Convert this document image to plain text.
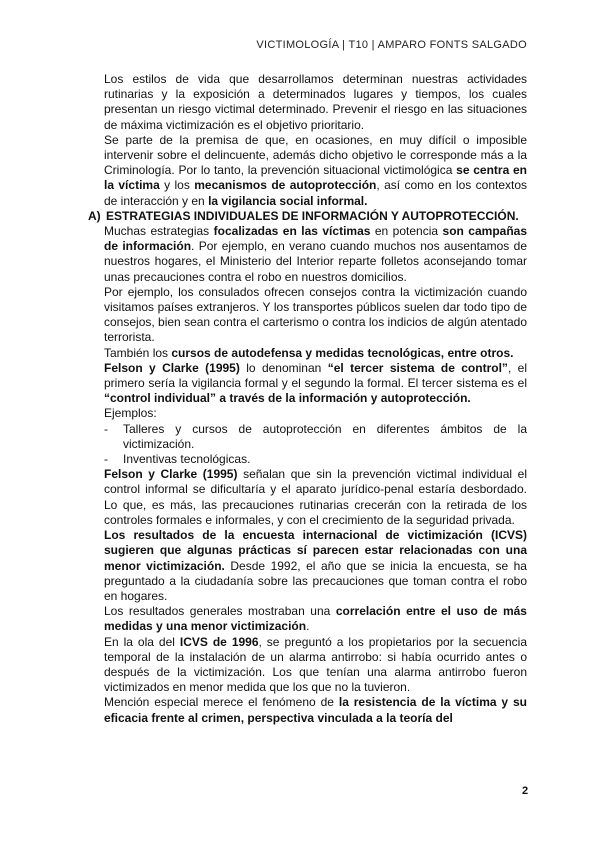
VICTIMOLOGÍA | T10 | AMPARO FONTS SALGADO
Los estilos de vida que desarrollamos determinan nuestras actividades rutinarias y la exposición a determinados lugares y tiempos, los cuales presentan un riesgo victimal determinado. Prevenir el riesgo en las situaciones de máxima victimización es el objetivo prioritario.
Se parte de la premisa de que, en ocasiones, en muy difícil o imposible intervenir sobre el delincuente, además dicho objetivo le corresponde más a la Criminología. Por lo tanto, la prevención situacional victimológica se centra en la víctima y los mecanismos de autoprotección, así como en los contextos de interacción y en la vigilancia social informal.
A) ESTRATEGIAS INDIVIDUALES DE INFORMACIÓN Y AUTOPROTECCIÓN.
Muchas estrategias focalizadas en las víctimas en potencia son campañas de información. Por ejemplo, en verano cuando muchos nos ausentamos de nuestros hogares, el Ministerio del Interior reparte folletos aconsejando tomar unas precauciones contra el robo en nuestros domicilios.
Por ejemplo, los consulados ofrecen consejos contra la victimización cuando visitamos países extranjeros. Y los transportes públicos suelen dar todo tipo de consejos, bien sean contra el carterismo o contra los indicios de algún atentado terrorista.
También los cursos de autodefensa y medidas tecnológicas, entre otros.
Felson y Clarke (1995) lo denominan “el tercer sistema de control”, el primero sería la vigilancia formal y el segundo la formal. El tercer sistema es el “control individual” a través de la información y autoprotección.
Ejemplos:
-	Talleres y cursos de autoprotección en diferentes ámbitos de la victimización.
-	Inventivas tecnológicas.
Felson y Clarke (1995) señalan que sin la prevención victimal individual el control informal se dificultaría y el aparato jurídico-penal estaría desbordado. Lo que, es más, las precauciones rutinarias crecerán con la retirada de los controles formales e informales, y con el crecimiento de la seguridad privada.
Los resultados de la encuesta internacional de victimización (ICVS) sugieren que algunas prácticas sí parecen estar relacionadas con una menor victimización. Desde 1992, el año que se inicia la encuesta, se ha preguntado a la ciudadanía sobre las precauciones que toman contra el robo en hogares.
Los resultados generales mostraban una correlación entre el uso de más medidas y una menor victimización.
En la ola del ICVS de 1996, se preguntó a los propietarios por la secuencia temporal de la instalación de un alarma antirrobo: si había ocurrido antes o después de la victimización. Los que tenían una alarma antirrobo fueron victimizados en menor medida que los que no la tuvieron.
Mención especial merece el fenómeno de la resistencia de la víctima y su eficacia frente al crimen, perspectiva vinculada a la teoría del
2
